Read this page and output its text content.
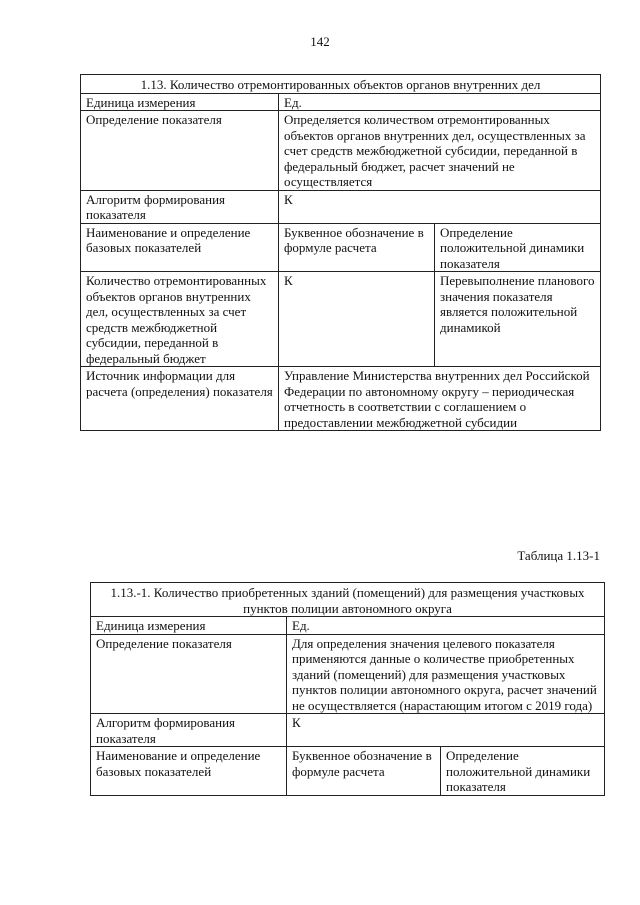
142
1.13. Количество отремонтированных объектов органов внутренних дел		
Единица измерения	Ед.	
Определение показателя	Определяется количеством отремонтированных объектов органов внутренних дел, осуществленных за счет средств межбюджетной субсидии, переданной в федеральный бюджет, расчет значений не осуществляется	
Алгоритм формирования показателя	К	
Наименование и определение базовых показателей	Буквенное обозначение в формуле расчета	Определение положительной динамики показателя
Количество отремонтированных объектов органов внутренних дел, осуществленных за счет средств межбюджетной субсидии, переданной в федеральный бюджет	К	Перевыполнение планового значения показателя является положительной динамикой
Источник информации для расчета (определения) показателя	Управление Министерства внутренних дел Российской Федерации по автономному округу – периодическая отчетность в соответствии с соглашением о предоставлении межбюджетной субсидии	
Таблица 1.13-1
1.13.-1. Количество приобретенных зданий (помещений) для размещения участковых пунктов полиции автономного округа		
Единица измерения	Ед.	
Определение показателя	Для определения значения целевого показателя применяются данные о количестве приобретенных зданий (помещений) для размещения участковых пунктов полиции автономного округа, расчет значений не осуществляется (нарастающим итогом с 2019 года)	
Алгоритм формирования показателя	К	
Наименование и определение базовых показателей	Буквенное обозначение в формуле расчета	Определение положительной динамики показателя
